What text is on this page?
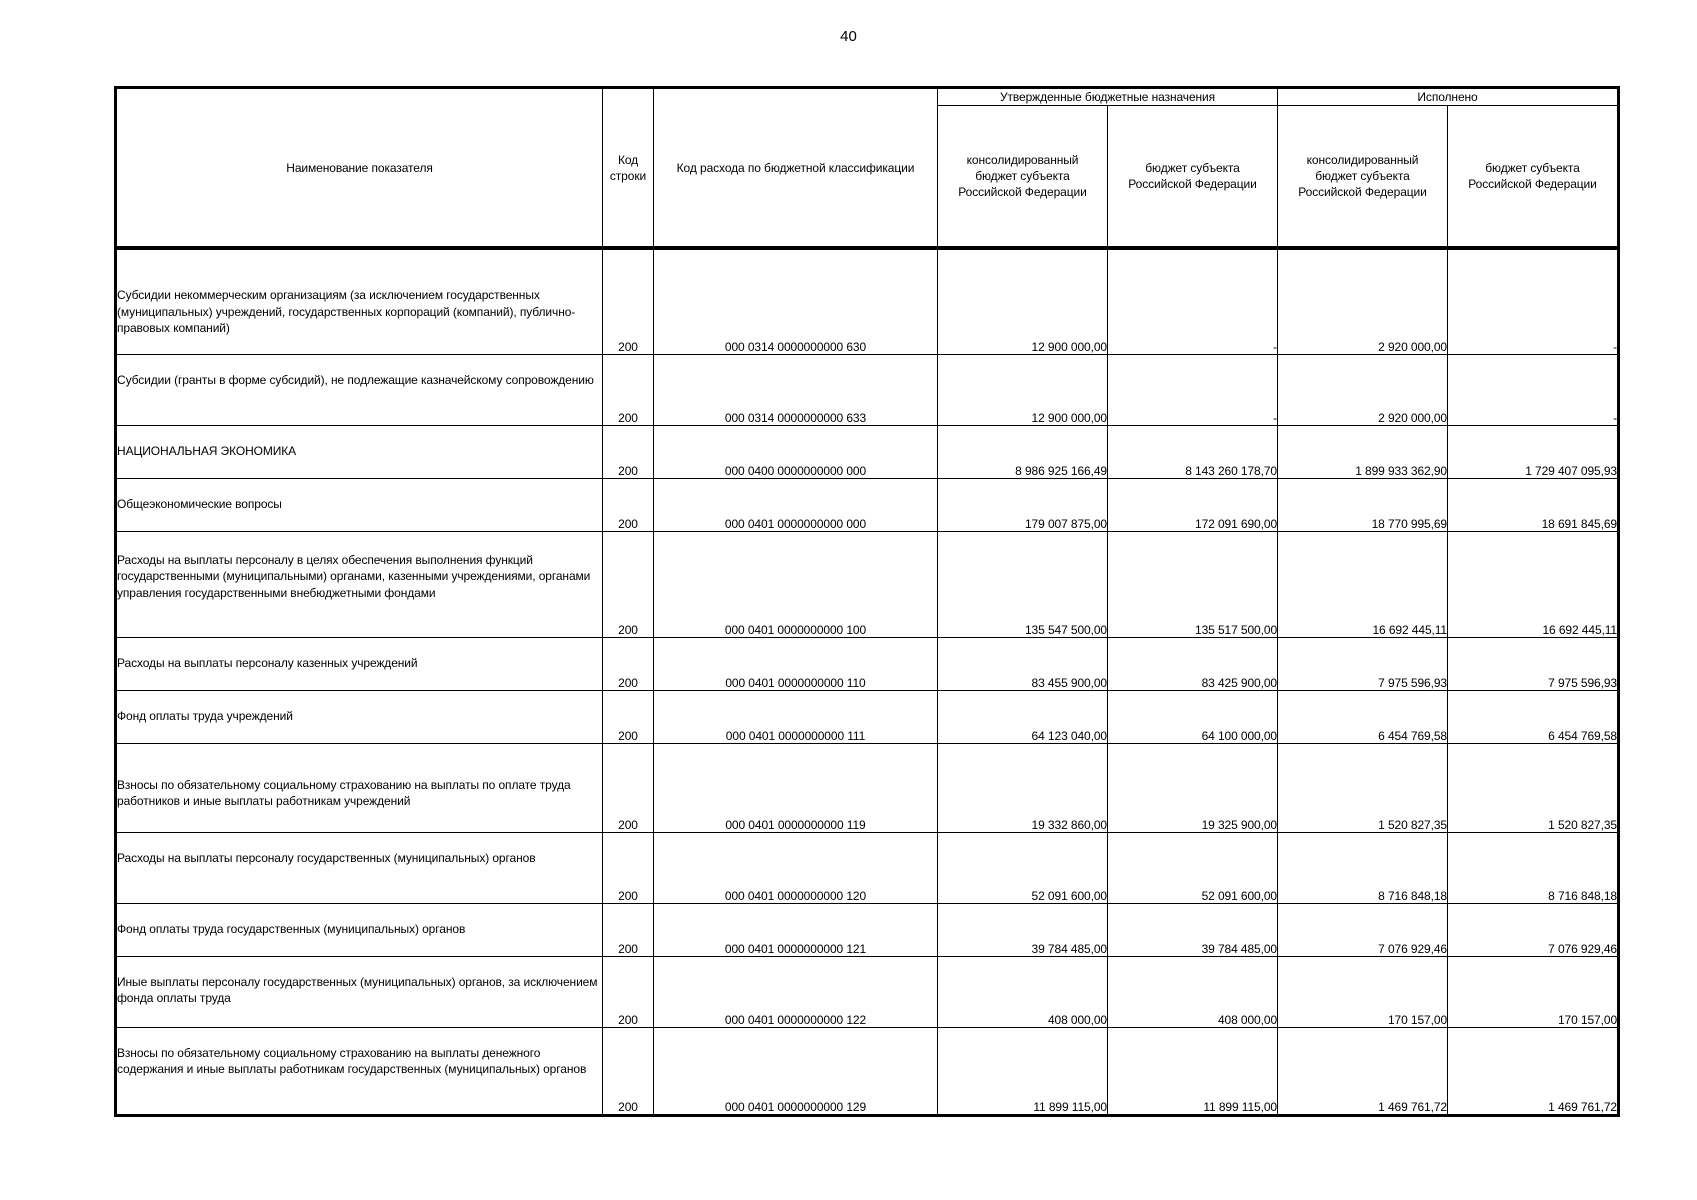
40
Наименование показателя	Код строки	Код расхода по бюджетной классификации	Утвержденные бюджетные назначения		Исполнено	
			консолидированный бюджет субъекта Российской Федерации	бюджет субъекта Российской Федерации	консолидированный бюджет субъекта Российской Федерации	бюджет субъекта Российской Федерации

Субсидии некоммерческим организациям (за исключением государственных (муниципальных) учреждений, государственных корпораций (компаний), публично-правовых компаний)	200	000 0314 0000000000 630	12 900 000,00	-	2 920 000,00	-

Субсидии (гранты в форме субсидий), не подлежащие казначейскому сопровождению	200	000 0314 0000000000 633	12 900 000,00	-	2 920 000,00	-

НАЦИОНАЛЬНАЯ ЭКОНОМИКА	200	000 0400 0000000000 000	8 986 925 166,49	8 143 260 178,70	1 899 933 362,90	1 729 407 095,93

Общеэкономические вопросы	200	000 0401 0000000000 000	179 007 875,00	172 091 690,00	18 770 995,69	18 691 845,69

Расходы на выплаты персоналу в целях обеспечения выполнения функций государственными (муниципальными) органами, казенными учреждениями, органами управления государственными внебюджетными фондами	200	000 0401 0000000000 100	135 547 500,00	135 517 500,00	16 692 445,11	16 692 445,11

Расходы на выплаты персоналу казенных учреждений	200	000 0401 0000000000 110	83 455 900,00	83 425 900,00	7 975 596,93	7 975 596,93

Фонд оплаты труда учреждений	200	000 0401 0000000000 111	64 123 040,00	64 100 000,00	6 454 769,58	6 454 769,58

Взносы по обязательному социальному страхованию на выплаты по оплате труда работников и иные выплаты работникам учреждений	200	000 0401 0000000000 119	19 332 860,00	19 325 900,00	1 520 827,35	1 520 827,35

Расходы на выплаты персоналу государственных (муниципальных) органов	200	000 0401 0000000000 120	52 091 600,00	52 091 600,00	8 716 848,18	8 716 848,18

Фонд оплаты труда государственных (муниципальных) органов	200	000 0401 0000000000 121	39 784 485,00	39 784 485,00	7 076 929,46	7 076 929,46

Иные выплаты персоналу государственных (муниципальных) органов, за исключением фонда оплаты труда	200	000 0401 0000000000 122	408 000,00	408 000,00	170 157,00	170 157,00

Взносы по обязательному социальному страхованию на выплаты денежного содержания и иные выплаты работникам государственных (муниципальных) органов	200	000 0401 0000000000 129	11 899 115,00	11 899 115,00	1 469 761,72	1 469 761,72
